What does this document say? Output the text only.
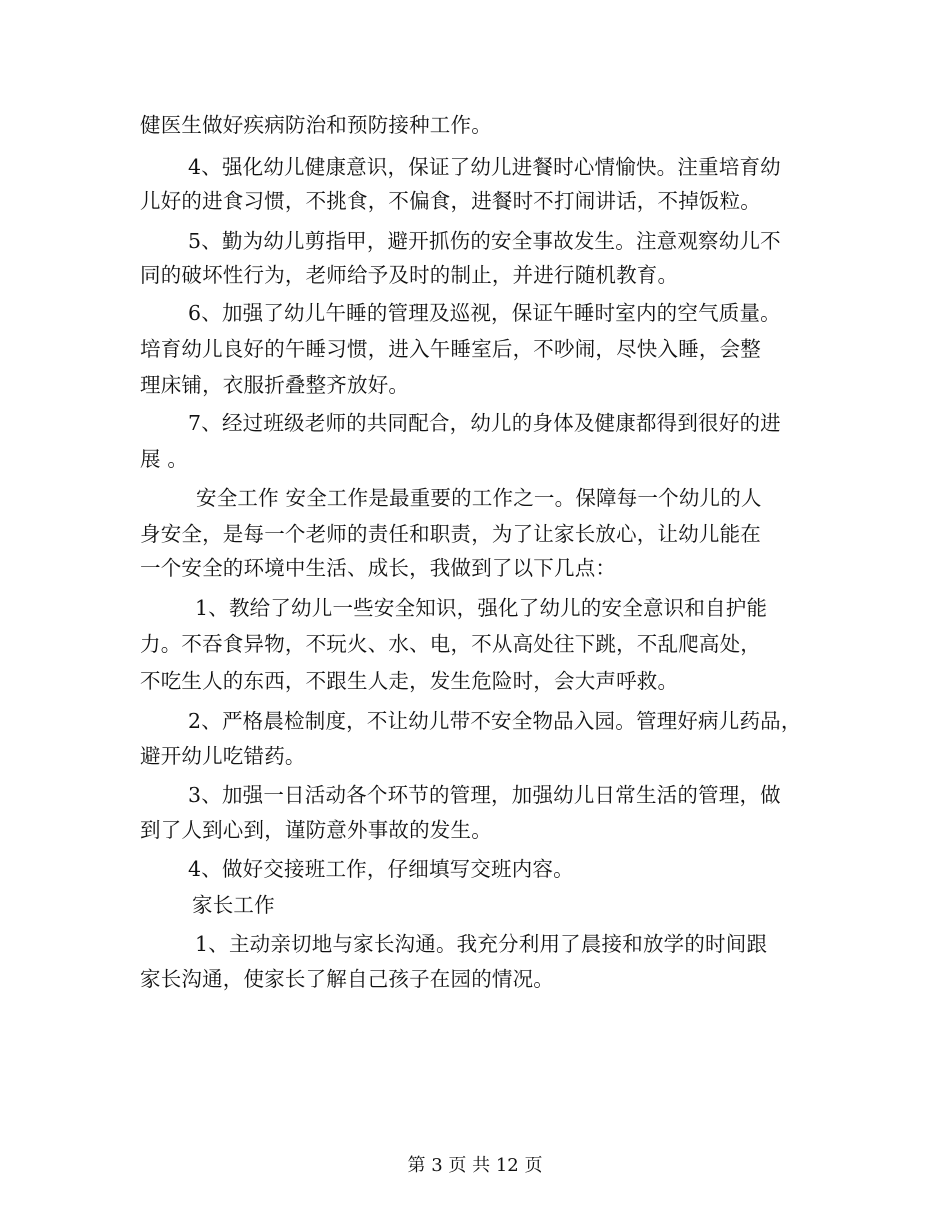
健医生做好疾病防治和预防接种工作。
4、强化幼儿健康意识，保证了幼儿进餐时心情愉快。注重培育幼
儿好的进食习惯，不挑食，不偏食，进餐时不打闹讲话，不掉饭粒。
5、勤为幼儿剪指甲，避开抓伤的安全事故发生。注意观察幼儿不
同的破坏性行为，老师给予及时的制止，并进行随机教育。
6、加强了幼儿午睡的管理及巡视，保证午睡时室内的空气质量。
培育幼儿良好的午睡习惯，进入午睡室后，不吵闹，尽快入睡，会整
理床铺，衣服折叠整齐放好。
7、经过班级老师的共同配合，幼儿的身体及健康都得到很好的进
展 。
安全工作 安全工作是最重要的工作之一。保障每一个幼儿的人
身安全，是每一个老师的责任和职责，为了让家长放心，让幼儿能在
一个安全的环境中生活、成长，我做到了以下几点：
1、教给了幼儿一些安全知识，强化了幼儿的安全意识和自护能
力。不吞食异物，不玩火、水、电，不从高处往下跳，不乱爬高处，
不吃生人的东西，不跟生人走，发生危险时，会大声呼救。
2、严格晨检制度，不让幼儿带不安全物品入园。管理好病儿药品，
避开幼儿吃错药。
3、加强一日活动各个环节的管理，加强幼儿日常生活的管理，做
到了人到心到，谨防意外事故的发生。
4、做好交接班工作，仔细填写交班内容。
家长工作
1、主动亲切地与家长沟通。我充分利用了晨接和放学的时间跟
家长沟通，使家长了解自己孩子在园的情况。
第 3 页 共 12 页
